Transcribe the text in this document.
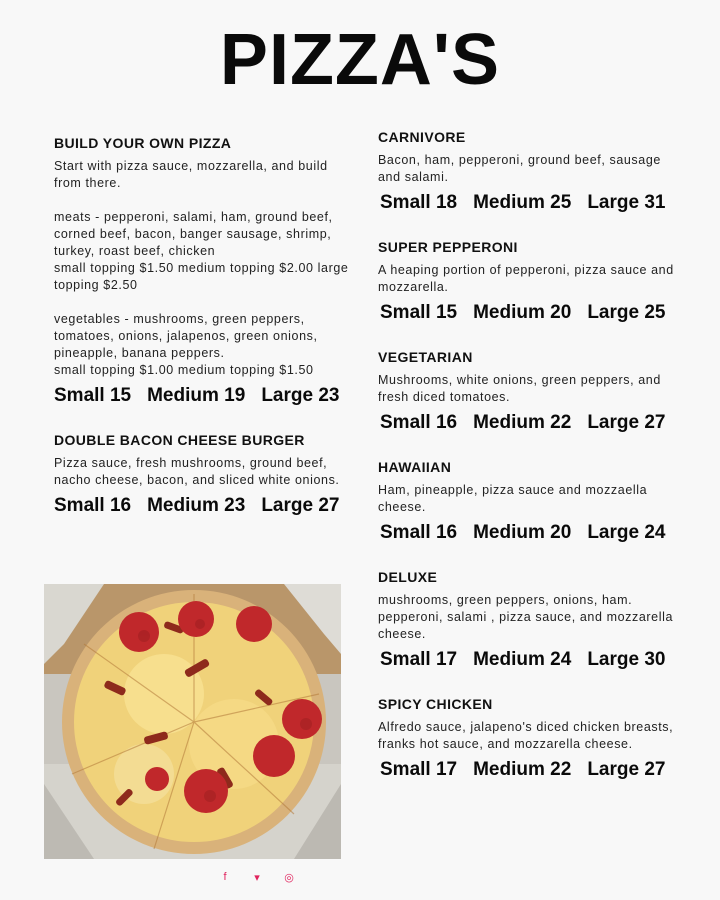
PIZZA'S

BUILD YOUR OWN PIZZA

Start with pizza sauce, mozzarella, and build from there.

meats - pepperoni, salami, ham, ground beef, corned beef, bacon, banger sausage, shrimp, turkey, roast beef, chicken
small topping $1.50 medium topping $2.00 large topping $2.50

vegetables - mushrooms, green peppers, tomatoes, onions, jalapenos, green onions, pineapple, banana peppers.
small topping $1.00 medium topping $1.50

Small 15 Medium 19 Large 23

DOUBLE BACON CHEESE BURGER

Pizza sauce, fresh mushrooms, ground beef, nacho cheese, bacon, and sliced white onions.

Small 16 Medium 23 Large 27

CARNIVORE

Bacon, ham, pepperoni, ground beef, sausage and salami.

Small 18 Medium 25 Large 31

SUPER PEPPERONI

A heaping portion of pepperoni, pizza sauce and mozzarella.

Small 15 Medium 20 Large 25

VEGETARIAN

Mushrooms, white onions, green peppers, and fresh diced tomatoes.

Small 16 Medium 22 Large 27

HAWAIIAN

Ham, pineapple, pizza sauce and mozzaella cheese.

Small 16 Medium 20 Large 24

DELUXE

mushrooms, green peppers, onions, ham. pepperoni, salami , pizza sauce, and mozzarella cheese.

Small 17 Medium 24 Large 30

SPICY CHICKEN

Alfredo sauce, jalapeno's diced chicken breasts, franks hot sauce, and mozzarella cheese.

Small 17 Medium 22 Large 27
f	▾ ◎
